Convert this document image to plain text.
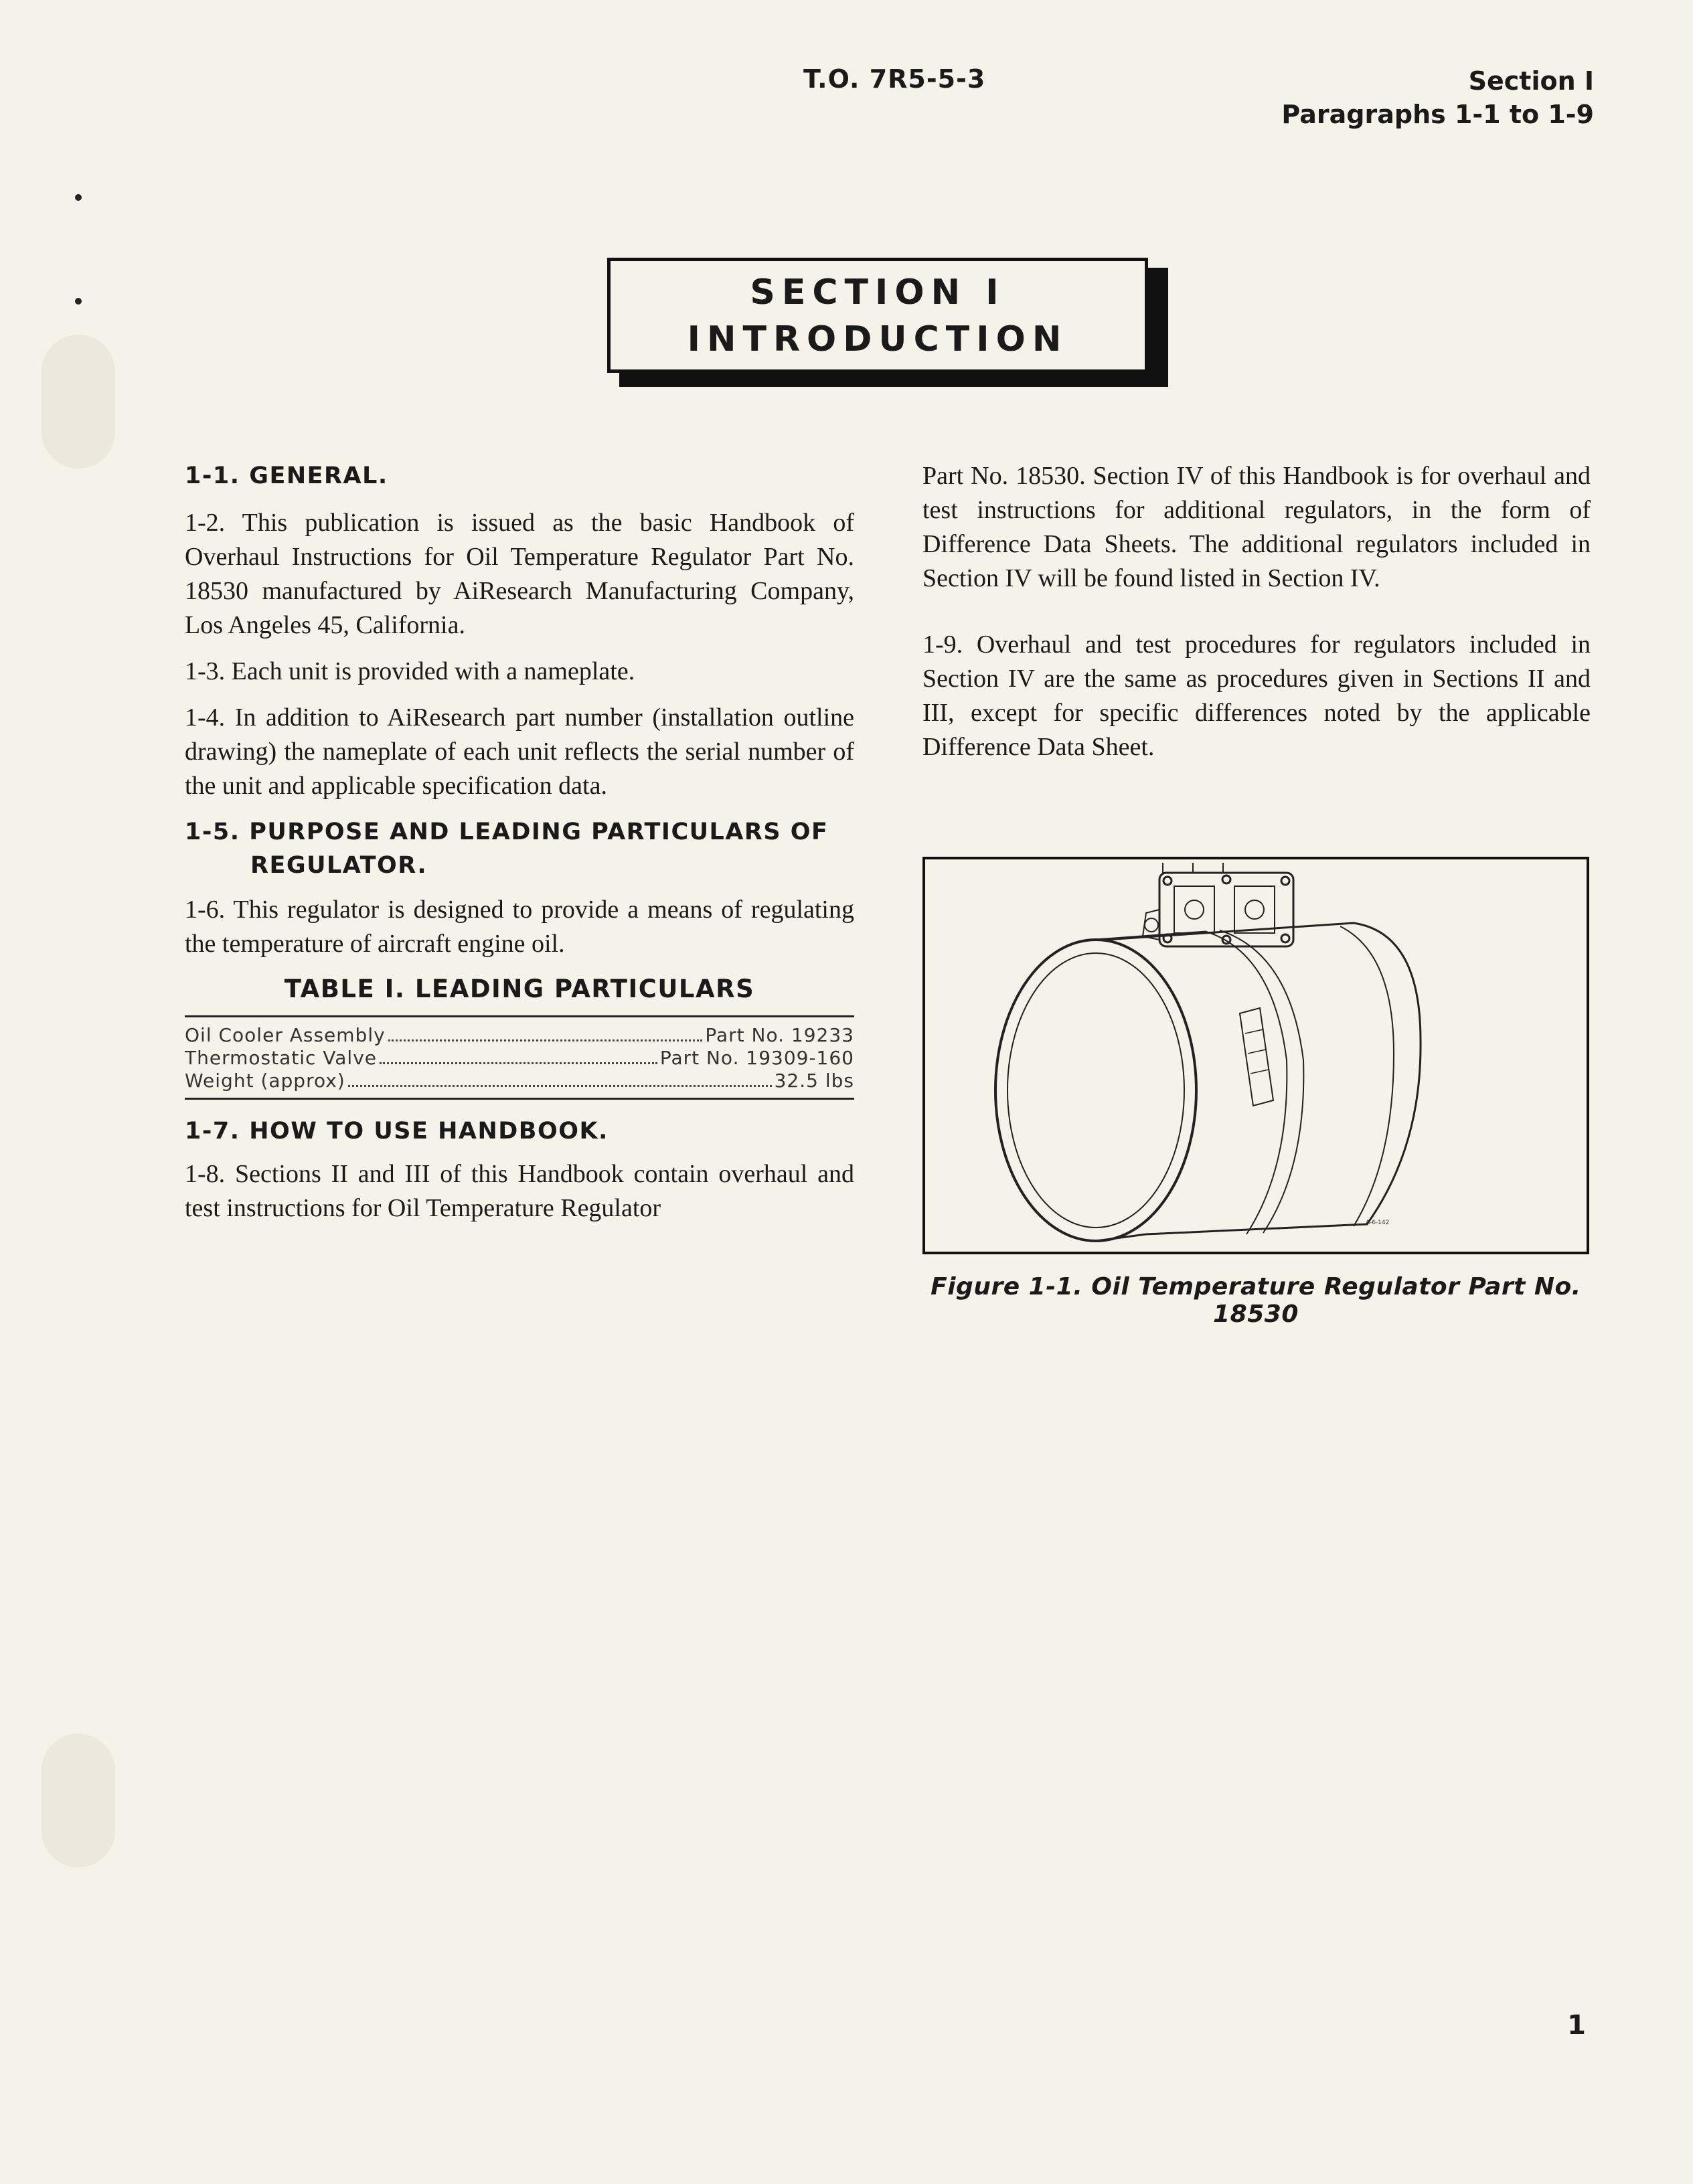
T.O. 7R5-5-3	Section I
Paragraphs 1-1 to 1-9
SECTION I
INTRODUCTION
1-1. GENERAL.

1-2. This publication is issued as the basic Handbook of Overhaul Instructions for Oil Temperature Regulator Part No. 18530 manufactured by AiResearch Manufacturing Company, Los Angeles 45, California.

1-3. Each unit is provided with a nameplate.

1-4. In addition to AiResearch part number (installation outline drawing) the nameplate of each unit reflects the serial number of the unit and applicable specification data.

1-5. PURPOSE AND LEADING PARTICULARS OF
REGULATOR.

1-6. This regulator is designed to provide a means of regulating the temperature of aircraft engine oil.

TABLE I. LEADING PARTICULARS
Oil Cooler Assembly	Part No. 19233
Thermostatic Valve	Part No. 19309-160
Weight (approx)	32.5 lbs
1-7. HOW TO USE HANDBOOK.

1-8. Sections II and III of this Handbook contain overhaul and test instructions for Oil Temperature Regulator

Part No. 18530. Section IV of this Handbook is for overhaul and test instructions for additional regulators, in the form of Difference Data Sheets. The additional regulators included in Section IV will be found listed in Section IV.

1-9. Overhaul and test procedures for regulators included in Section IV are the same as procedures given in Sections II and III, except for specific differences noted by the applicable Difference Data Sheet.

A-6-142
Figure 1-1. Oil Temperature Regulator Part No. 18530
1
